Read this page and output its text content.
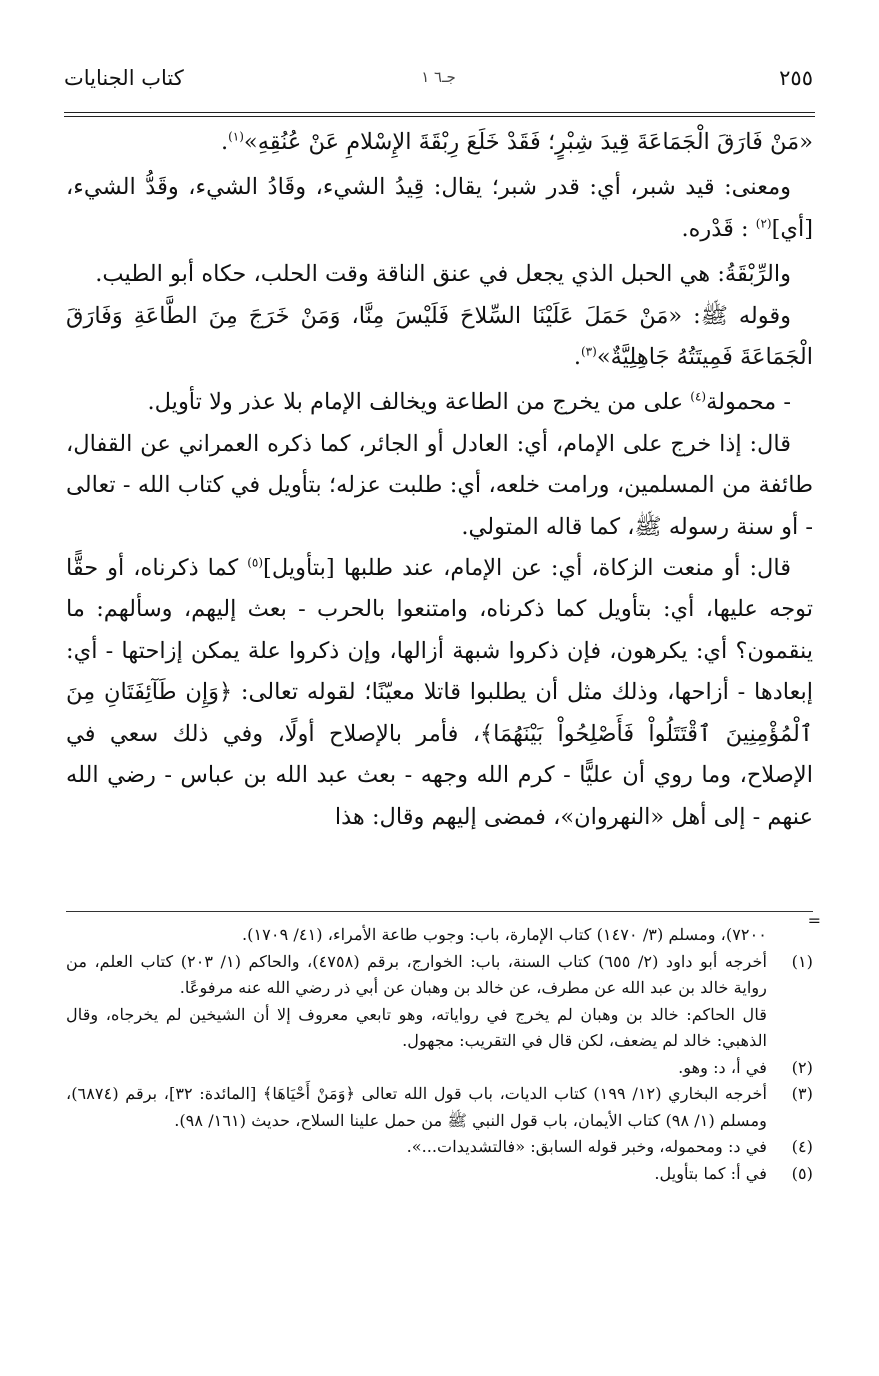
٢٥٥
جـ٦ ١
كتاب الجنايات

«مَنْ فَارَقَ الْجَمَاعَةَ قِيدَ شِبْرٍ؛ فَقَدْ خَلَعَ رِبْقَةَ الإِسْلامِ عَنْ عُنُقِهِ»$^{(١)}$.

ومعنى: قيد شبر، أي: قدر شبر؛ يقال: قِيدُ الشيء، وقَادُ الشيء، وقَدُّ الشيء، [أي]$^{(٢)}$ : قَدْره.

والرِّبْقَةُ: هي الحبل الذي يجعل في عنق الناقة وقت الحلب، حكاه أبو الطيب.

وقوله ﷺ: «مَنْ حَمَلَ عَلَيْنَا السِّلاحَ فَلَيْسَ مِنَّا، وَمَنْ خَرَجَ مِنَ الطَّاعَةِ وَفَارَقَ الْجَمَاعَةَ فَمِيتَتُهُ جَاهِلِيَّةٌ»$^{(٣)}$.

- محمولة$^{(٤)}$ على من يخرج من الطاعة ويخالف الإمام بلا عذر ولا تأويل.

قال: إذا خرج على الإمام، أي: العادل أو الجائر، كما ذكره العمراني عن القفال، طائفة من المسلمين، ورامت خلعه، أي: طلبت عزله؛ بتأويل في كتاب الله - تعالى - أو سنة رسوله ﷺ، كما قاله المتولي.

قال: أو منعت الزكاة، أي: عن الإمام، عند طلبها [بتأويل]$^{(٥)}$ كما ذكرناه، أو حقًّا توجه عليها، أي: بتأويل كما ذكرناه، وامتنعوا بالحرب - بعث إليهم، وسألهم: ما ينقمون؟ أي: يكرهون، فإن ذكروا شبهة أزالها، وإن ذكروا علة يمكن إزاحتها - أي: إبعادها - أزاحها، وذلك مثل أن يطلبوا قاتلا معيّنًا؛ لقوله تعالى: ﴿وَإِن طَآئِفَتَانِ مِنَ ٱلْمُؤْمِنِينَ ٱقْتَتَلُواْ فَأَصْلِحُواْ بَيْنَهُمَا﴾، فأمر بالإصلاح أولًا، وفي ذلك سعي في الإصلاح، وما روي أن عليًّا - كرم الله وجهه - بعث عبد الله بن عباس - رضي الله عنهم - إلى أهل «النهروان»، فمضى إليهم وقال: هذا

=
٧٢٠٠)، ومسلم (٣/ ١٤٧٠) كتاب الإمارة، باب: وجوب طاعة الأمراء، (٤١/ ١٧٠٩).

(١)
أخرجه أبو داود (٢/ ٦٥٥) كتاب السنة، باب: الخوارج، برقم (٤٧٥٨)، والحاكم (١/ ٢٠٣) كتاب العلم، من رواية خالد بن عبد الله عن مطرف، عن خالد بن وهبان عن أبي ذر رضي الله عنه مرفوعًا.

قال الحاكم: خالد بن وهبان لم يخرج في رواياته، وهو تابعي معروف إلا أن الشيخين لم يخرجاه، وقال الذهبي: خالد لم يضعف، لكن قال في التقريب: مجهول.

(٢)
في أ، د: وهو.

(٣)
أخرجه البخاري (١٢/ ١٩٩) كتاب الديات، باب قول الله تعالى ﴿وَمَنْ أَحْيَاهَا﴾ [المائدة: ٣٢]، برقم (٦٨٧٤)، ومسلم (١/ ٩٨) كتاب الأيمان، باب قول النبي ﷺ من حمل علينا السلاح، حديث (١٦١/ ٩٨).

(٤)
في د: ومحموله، وخبر قوله السابق: «فالتشديدات...».

(٥)
في أ: كما بتأويل.
